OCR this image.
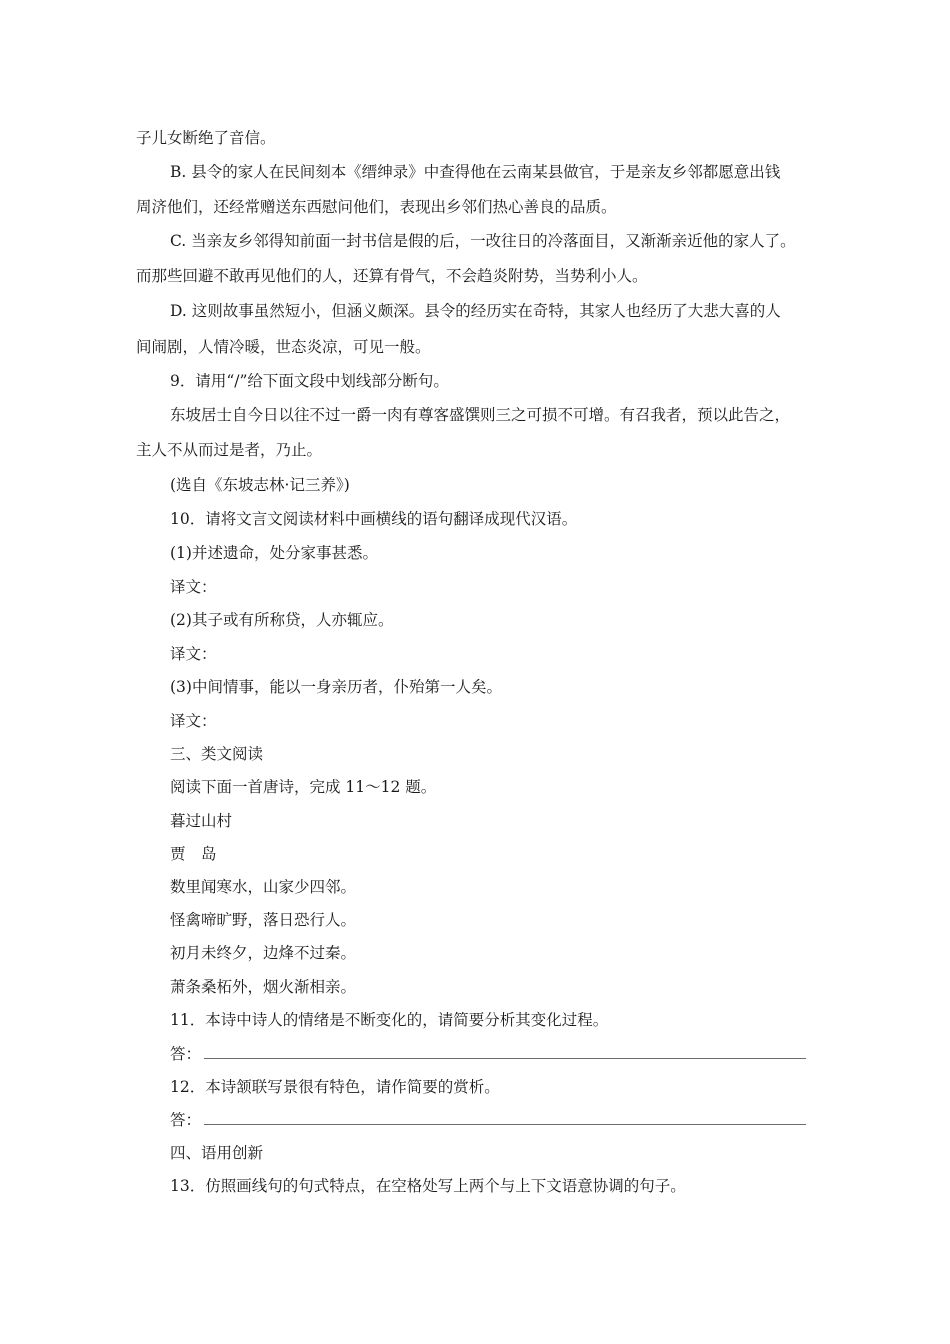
子儿女断绝了音信。
B. 县令的家人在民间刻本《缙绅录》中查得他在云南某县做官，于是亲友乡邻都愿意出钱
周济他们，还经常赠送东西慰问他们，表现出乡邻们热心善良的品质。
C. 当亲友乡邻得知前面一封书信是假的后，一改往日的冷落面目，又渐渐亲近他的家人了。
而那些回避不敢再见他们的人，还算有骨气，不会趋炎附势，当势利小人。
D. 这则故事虽然短小，但涵义颇深。县令的经历实在奇特，其家人也经历了大悲大喜的人
间闹剧，人情冷暖，世态炎凉，可见一般。
9．请用“/”给下面文段中划线部分断句。
东坡居士自今日以往不过一爵一肉有尊客盛馔则三之可损不可增。有召我者，预以此告之，
主人不从而过是者，乃止。
(选自《东坡志林·记三养》)
10．请将文言文阅读材料中画横线的语句翻译成现代汉语。
(1)并述遗命，处分家事甚悉。
译文：
(2)其子或有所称贷，人亦辄应。
译文：
(3)中间情事，能以一身亲历者，仆殆第一人矣。
译文：
三、类文阅读
阅读下面一首唐诗，完成 11～12 题。
暮过山村
贾　岛
数里闻寒水，山家少四邻。
怪禽啼旷野，落日恐行人。
初月未终夕，边烽不过秦。
萧条桑柘外，烟火渐相亲。
11．本诗中诗人的情绪是不断变化的，请简要分析其变化过程。
答：
12．本诗颔联写景很有特色，请作简要的赏析。
答：
四、语用创新
13．仿照画线句的句式特点，在空格处写上两个与上下文语意协调的句子。
